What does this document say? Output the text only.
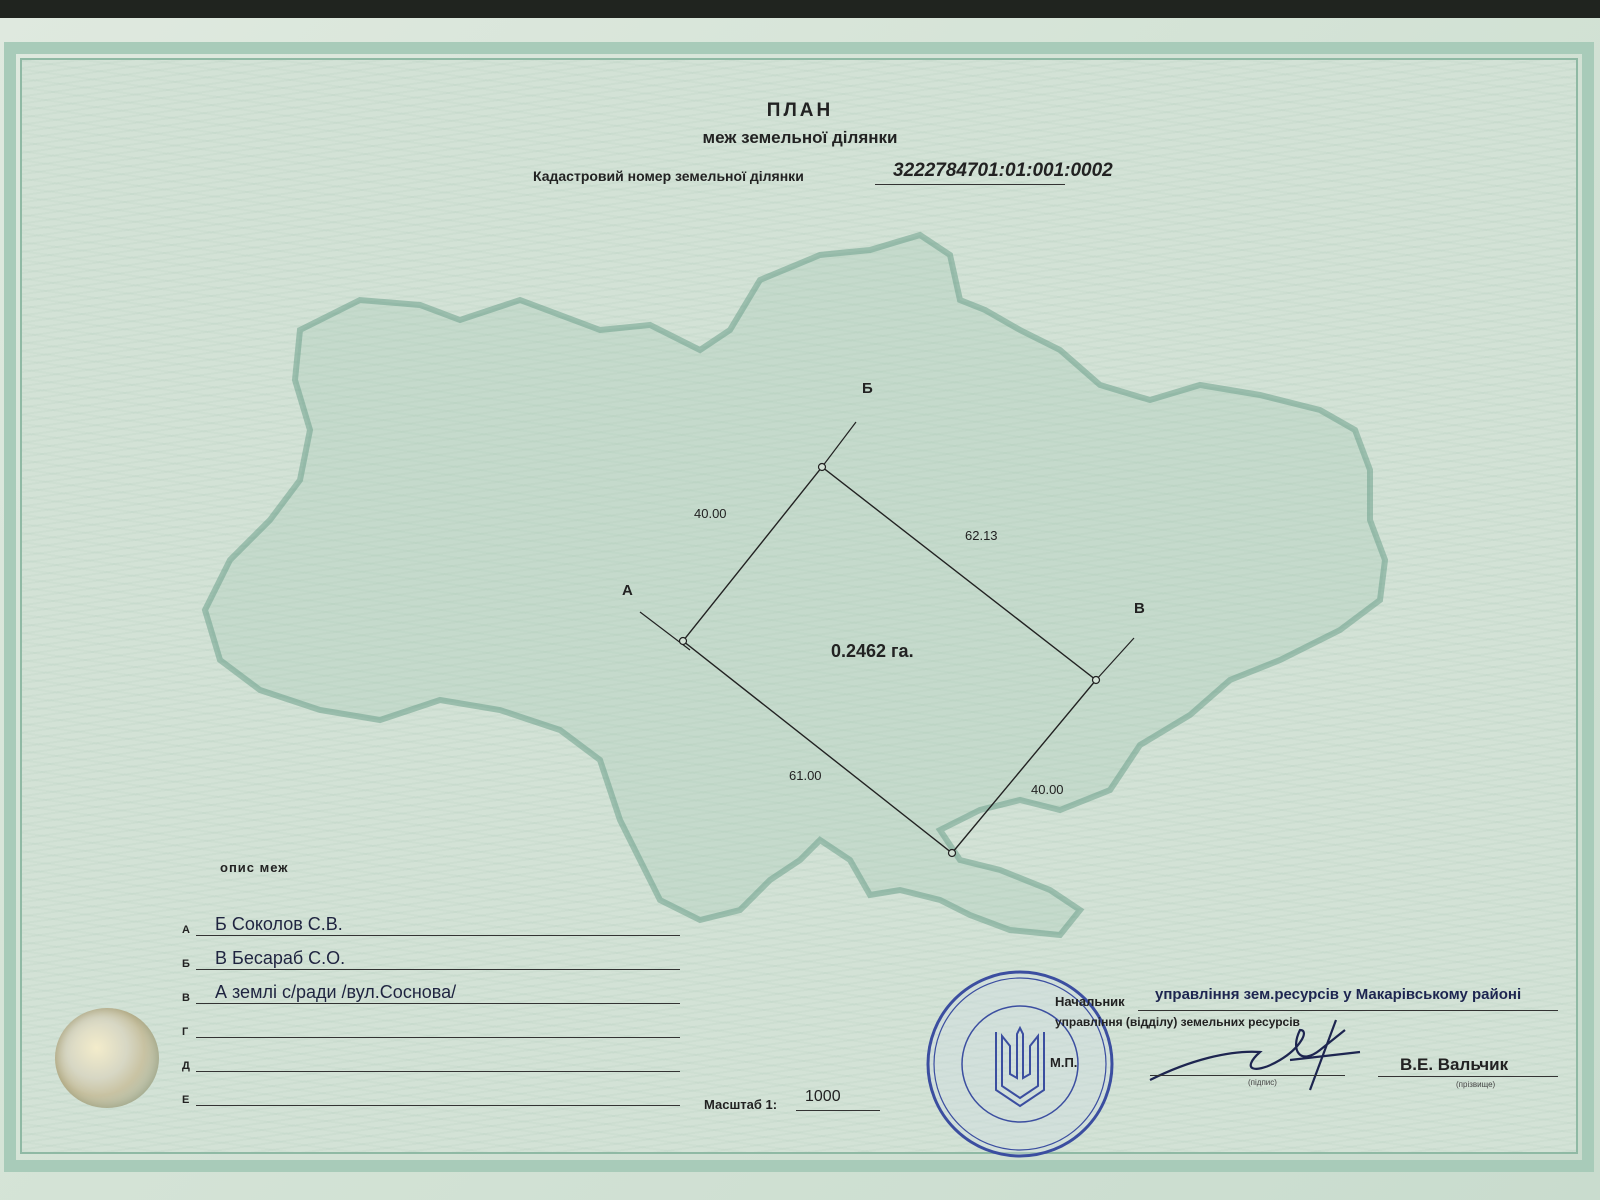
ПЛАН
меж земельної ділянки
Кадастровий номер земельної ділянки	3222784701:01:001:0002
А
Б
В
40.00
62.13
61.00
40.00
0.2462 га.
опис меж
А Б Соколов С.В.
Б В Бесараб С.О.
В А землі с/ради /вул.Соснова/
Г
Д
Е	Масштаб 1: 1000
Начальник управління зем.ресурсів у Макарівському районі
управління (відділу) земельних ресурсів
М.П.
(підпис)
В.Е. Вальчик
(прізвище)
